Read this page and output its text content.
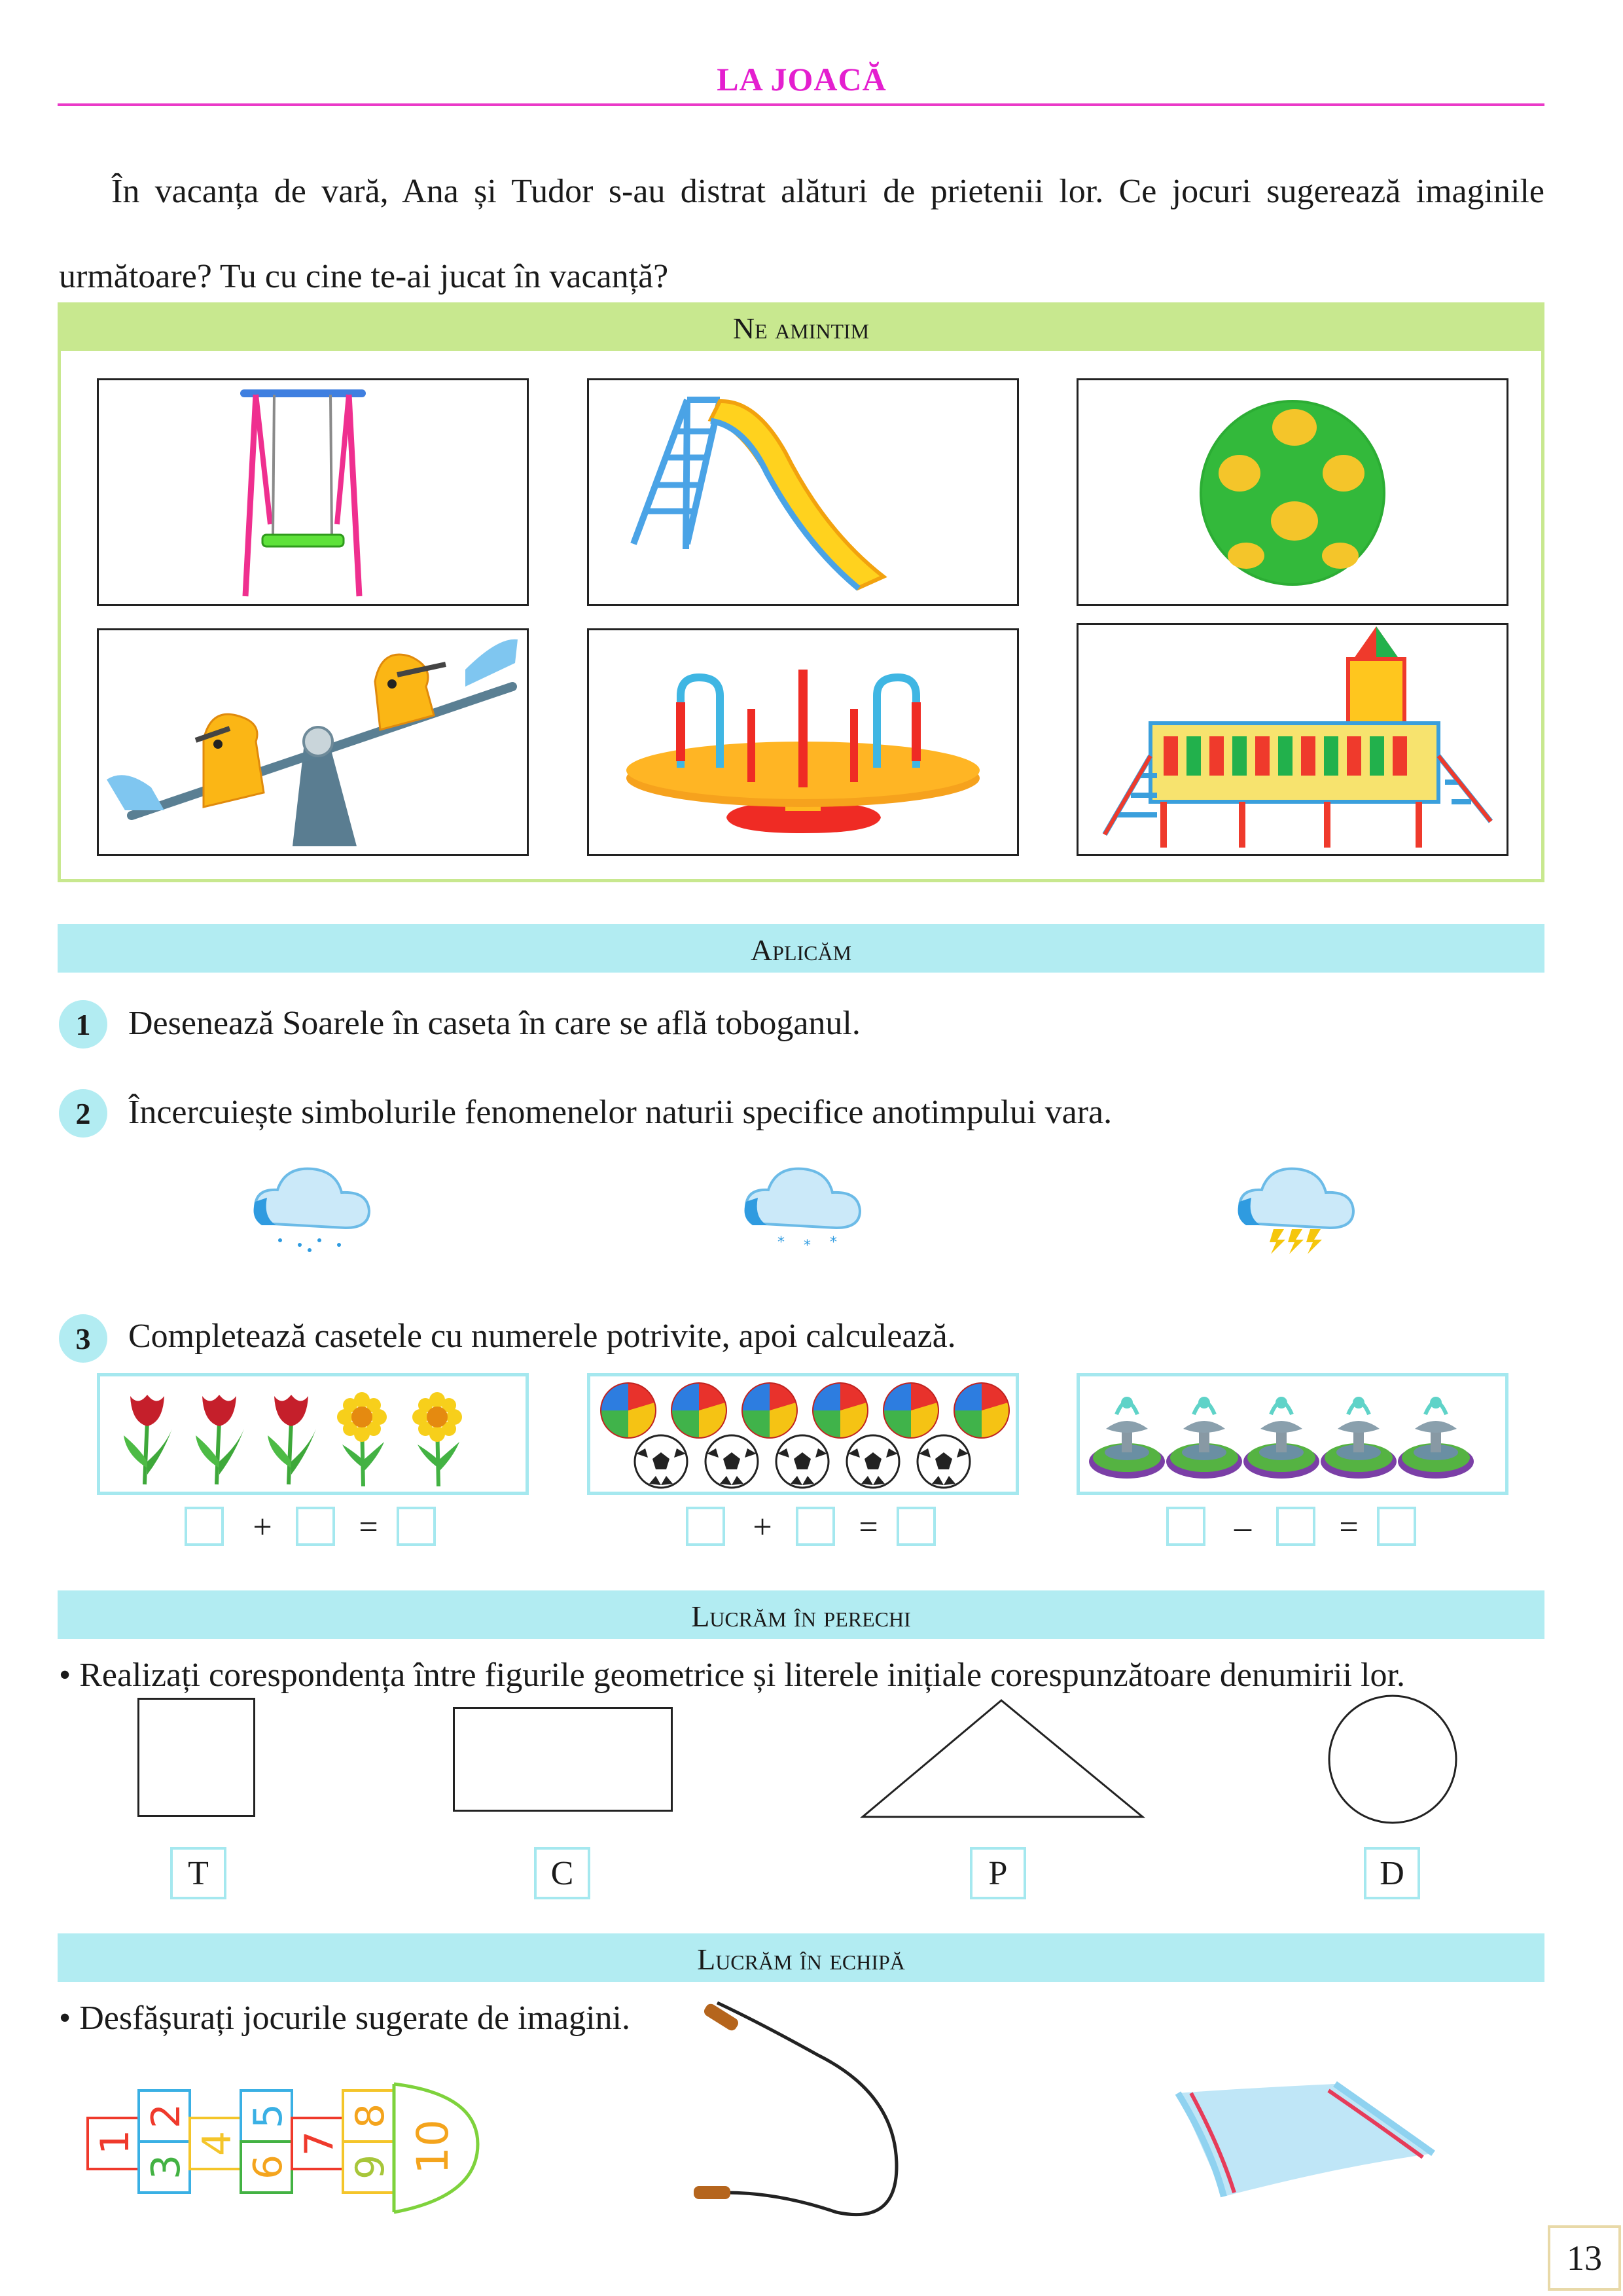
LA JOACĂ
În vacanța de vară, Ana și Tudor s-au distrat alături de prietenii lor. Ce jocuri sugerează imaginile următoare? Tu cu cine te-ai jucat în vacanță?
Ne amintim
Aplicăm
1	Desenează Soarele în caseta în care se află toboganul.
2	Încercuiește simbolurile fenomenelor naturii specifice anotimpului vara.
* * *
3	Completează casetele cu numerele potrivite, apoi calculează.
+	=	+	=	–	=
Lucrăm în perechi
• Realizați corespondența între figurile geometrice și literele inițiale corespunzătoare denumirii lor.
T	C	P	D
Lucrăm în echipă
• Desfășurați jocurile sugerate de imagini.
1
2
3
4
5
6
7
8
9 10
13
